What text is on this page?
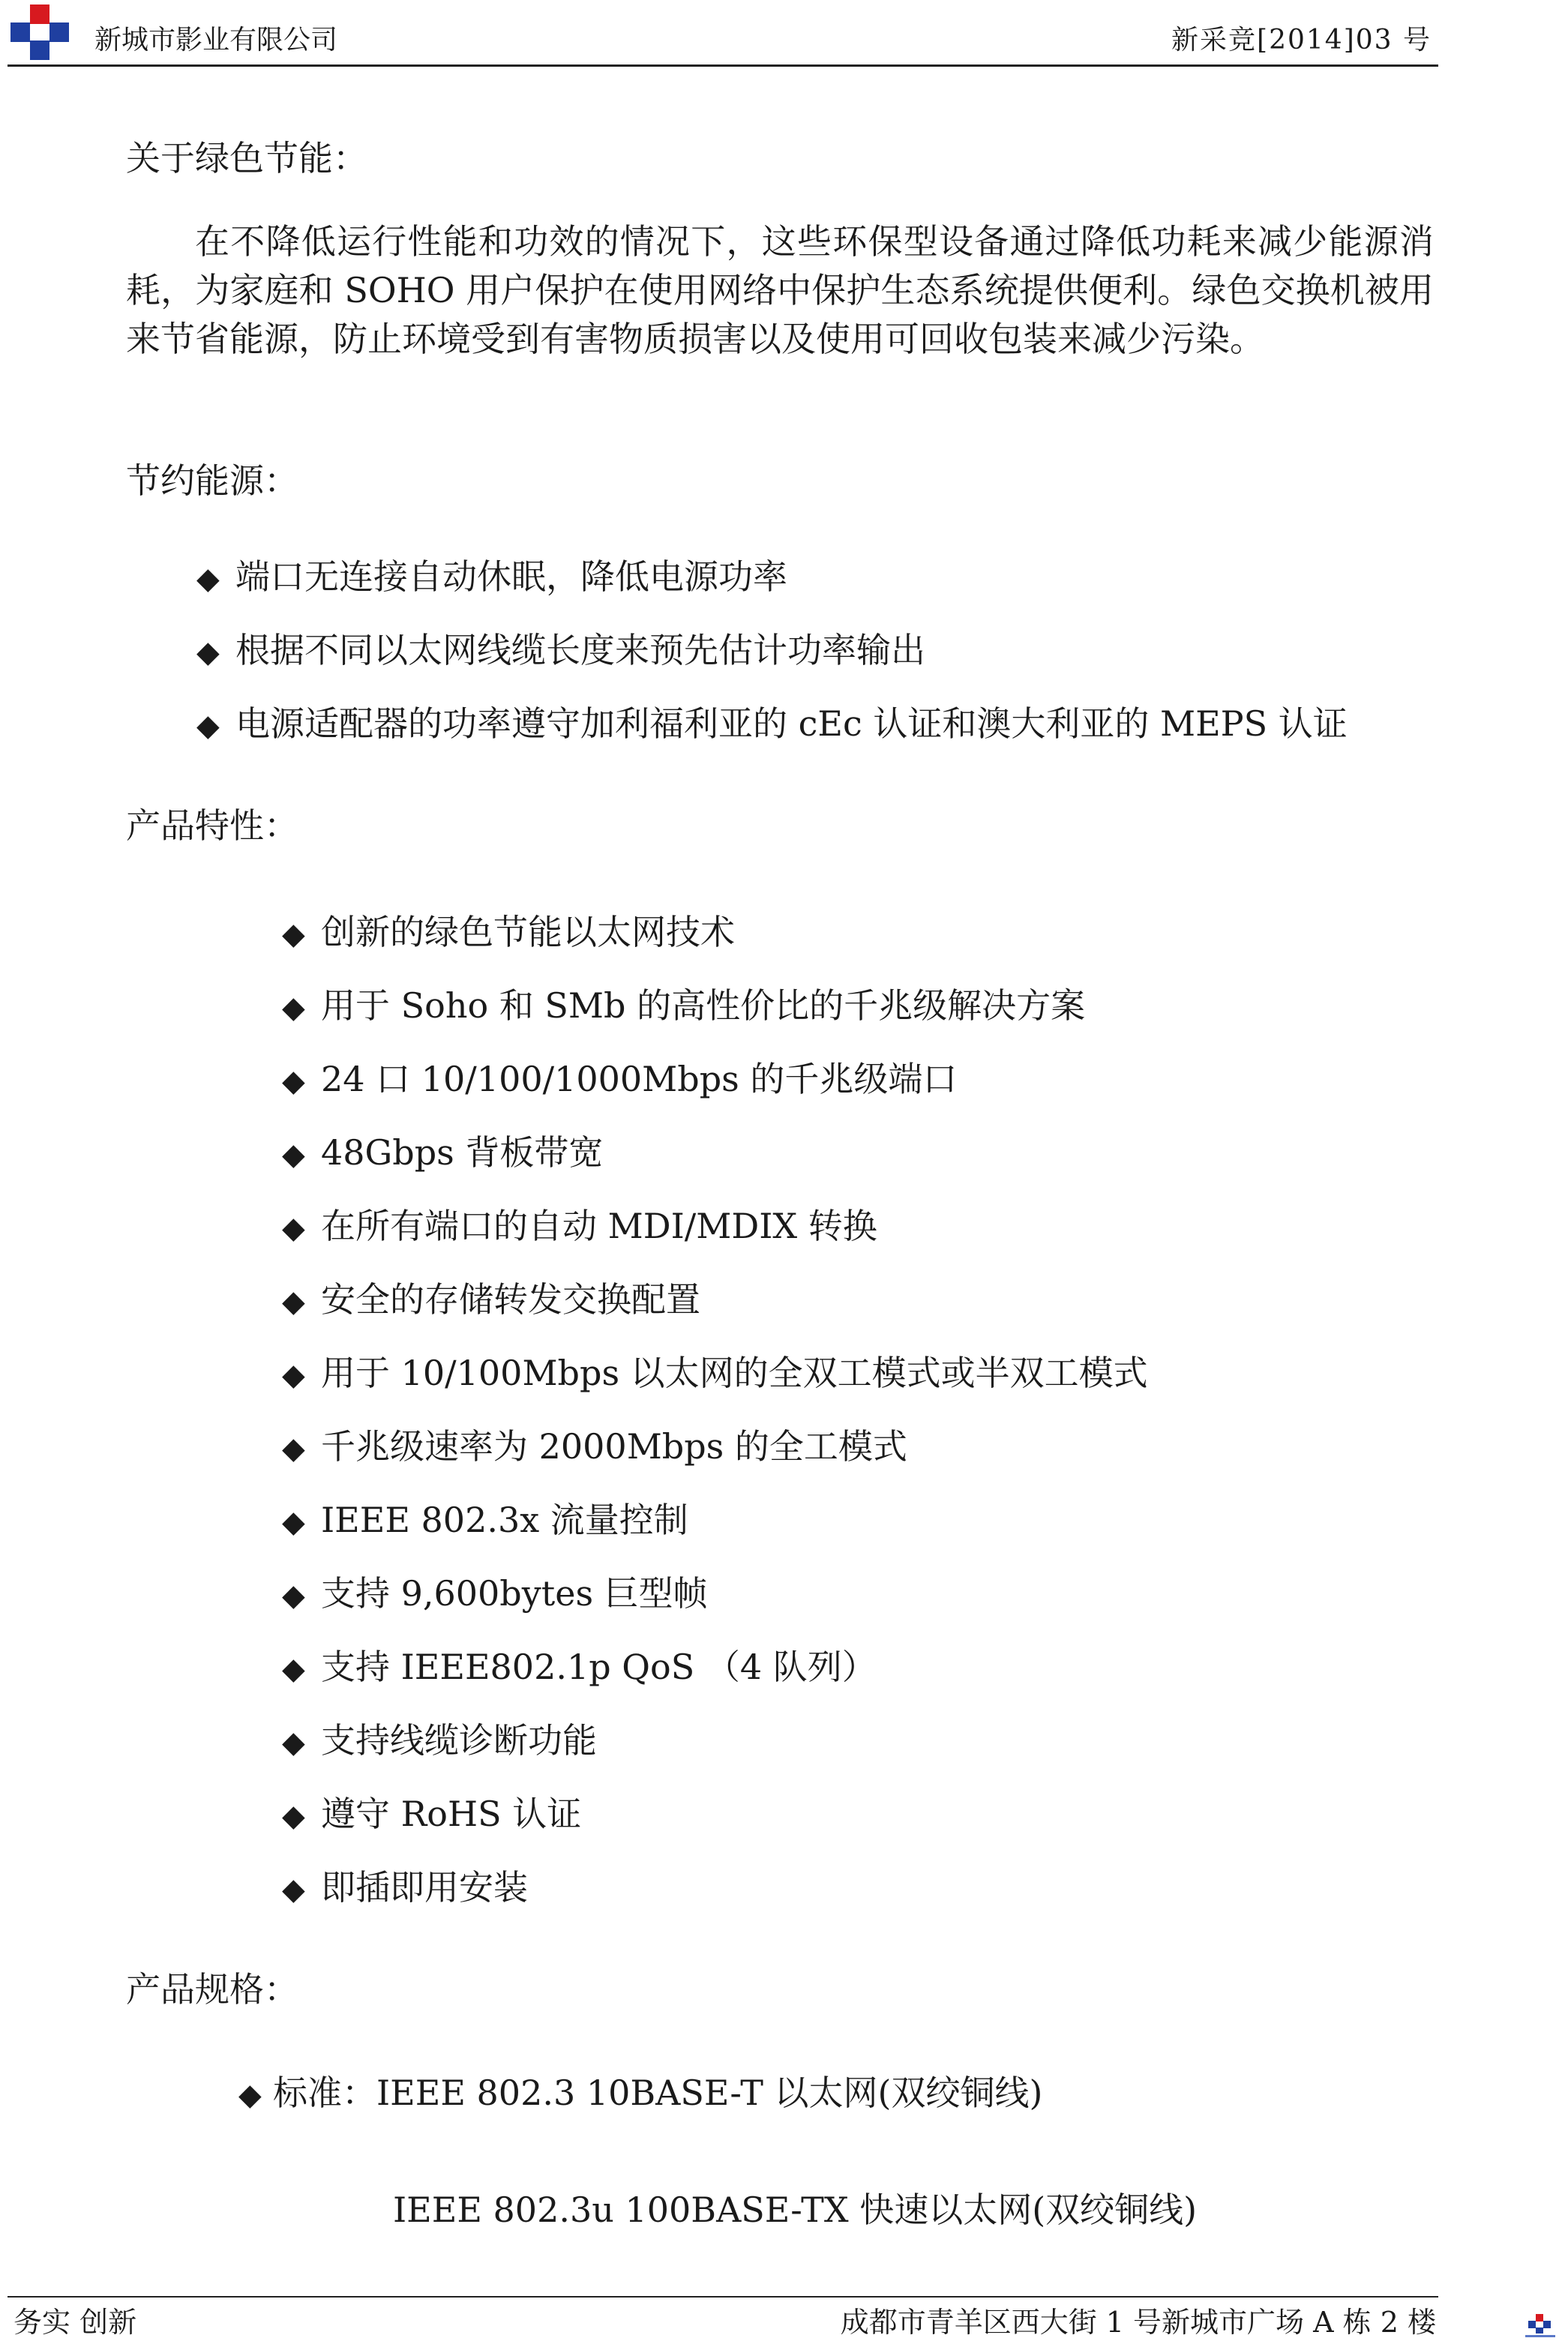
新城市影业有限公司	新采竞[2014]03 号
关于绿色节能：
在不降低运行性能和功效的情况下，这些环保型设备通过降低功耗来减少能源消耗，为家庭和 SOHO 用户保护在使用网络中保护生态系统提供便利。绿色交换机被用来节省能源，防止环境受到有害物质损害以及使用可回收包装来减少污染。
节约能源：
◆ 端口无连接自动休眠，降低电源功率
◆ 根据不同以太网线缆长度来预先估计功率输出
◆ 电源适配器的功率遵守加利福利亚的 cEc 认证和澳大利亚的 MEPS 认证
产品特性：
◆ 创新的绿色节能以太网技术
◆ 用于 Soho 和 SMb 的高性价比的千兆级解决方案
◆ 24 口 10/100/1000Mbps 的千兆级端口
◆ 48Gbps 背板带宽
◆ 在所有端口的自动 MDI/MDIX 转换
◆ 安全的存储转发交换配置
◆ 用于 10/100Mbps 以太网的全双工模式或半双工模式
◆ 千兆级速率为 2000Mbps 的全工模式
◆ IEEE 802.3x 流量控制
◆ 支持 9,600bytes 巨型帧
◆ 支持 IEEE802.1p QoS （4 队列）
◆ 支持线缆诊断功能
◆ 遵守 RoHS 认证
◆ 即插即用安装
产品规格：
◆ 标准：IEEE 802.3 10BASE-T 以太网(双绞铜线)
IEEE 802.3u 100BASE-TX 快速以太网(双绞铜线)
务实 创新	成都市青羊区西大街 1 号新城市广场 A 栋 2 楼
